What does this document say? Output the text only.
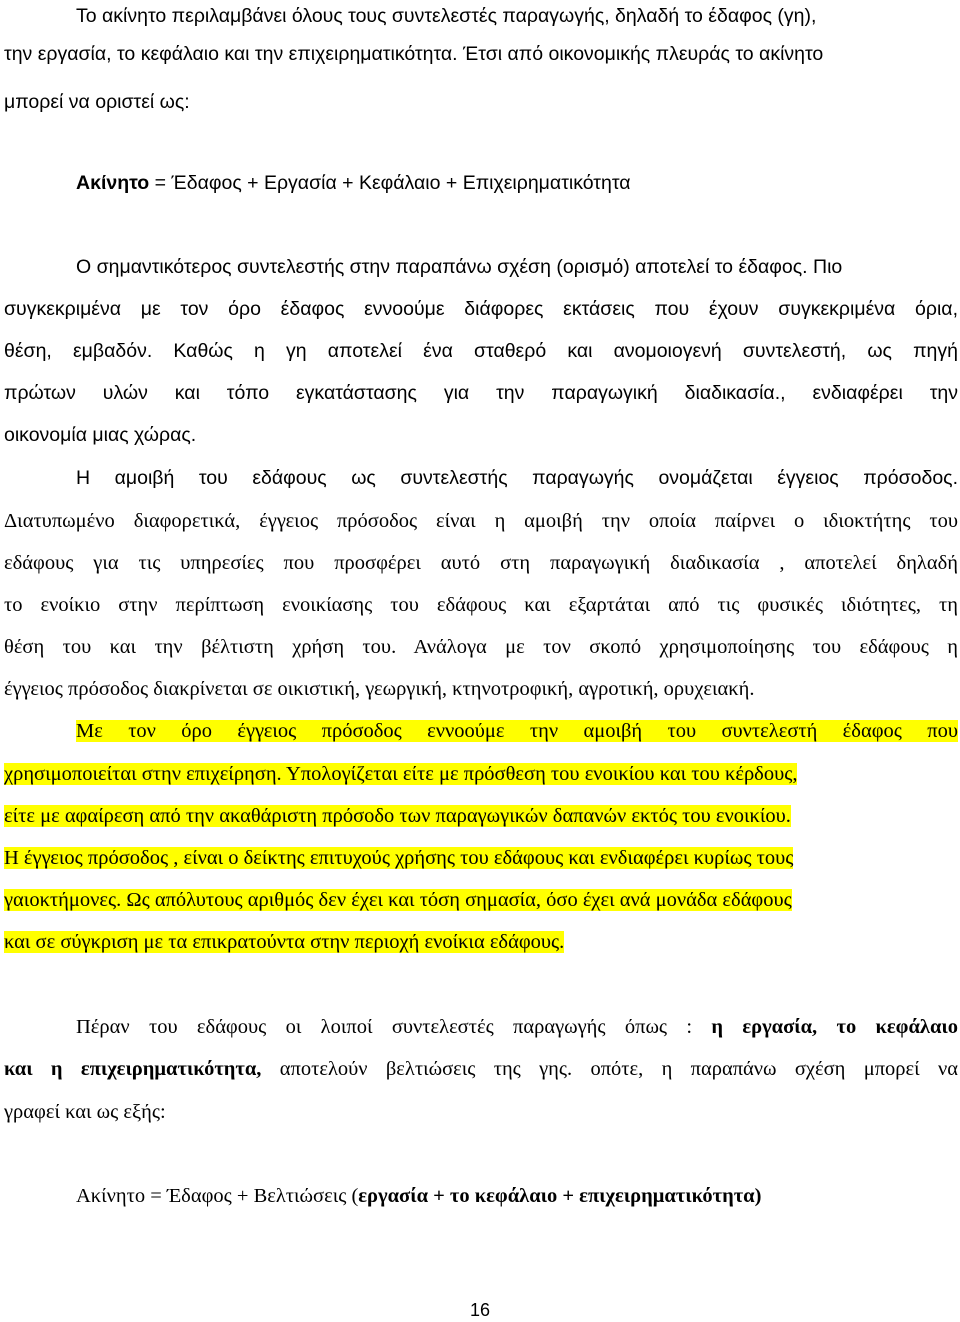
Το ακίνητο περιλαμβάνει όλους τους συντελεστές παραγωγής, δηλαδή το έδαφος (γη),

την εργασία, το κεφάλαιο και την επιχειρηματικότητα. Έτσι από οικονομικής πλευράς το ακίνητο

μπορεί να οριστεί ως:

Ακίνητο = Έδαφος + Εργασία + Κεφάλαιο + Επιχειρηματικότητα

Ο σημαντικότερος συντελεστής στην παραπάνω σχέση (ορισμό) αποτελεί το έδαφος. Πιο

συγκεκριμένα με τον όρο έδαφος εννοούμε διάφορες εκτάσεις που έχουν συγκεκριμένα όρια,

θέση, εμβαδόν. Καθώς η γη αποτελεί ένα σταθερό και ανομοιογενή συντελεστή, ως πηγή

πρώτων υλών και τόπο εγκατάστασης για την παραγωγική διαδικασία., ενδιαφέρει την

οικονομία μιας χώρας.

Η αμοιβή του εδάφους ως συντελεστής παραγωγής ονομάζεται έγγειος πρόσοδος.

Διατυπωμένο διαφορετικά, έγγειος πρόσοδος είναι η αμοιβή την οποία παίρνει ο ιδιοκτήτης του

εδάφους για τις υπηρεσίες που προσφέρει αυτό στη παραγωγική διαδικασία , αποτελεί δηλαδή

το ενοίκιο στην περίπτωση ενοικίασης του εδάφους και εξαρτάται από τις φυσικές ιδιότητες, τη

θέση του και την βέλτιστη χρήση του. Ανάλογα με τον σκοπό χρησιμοποίησης του εδάφους η

έγγειος πρόσοδος διακρίνεται σε οικιστική, γεωργική, κτηνοτροφική, αγροτική, ορυχειακή.

Με τον όρο έγγειος πρόσοδος εννοούμε την αμοιβή του συντελεστή έδαφος που

χρησιμοποιείται στην επιχείρηση. Υπολογίζεται είτε με πρόσθεση του ενοικίου και του κέρδους,

είτε με αφαίρεση από την ακαθάριστη πρόσοδο των παραγωγικών δαπανών εκτός του ενοικίου.

Η έγγειος πρόσοδος , είναι ο δείκτης επιτυχούς χρήσης του εδάφους και ενδιαφέρει κυρίως τους

γαιοκτήμονες. Ως απόλυτους αριθμός δεν έχει και τόση σημασία, όσο έχει ανά μονάδα εδάφους

και σε σύγκριση με τα επικρατούντα στην περιοχή ενοίκια εδάφους.

Πέραν του εδάφους οι λοιποί συντελεστές παραγωγής όπως : η εργασία, το κεφάλαιο

και η επιχειρηματικότητα, αποτελούν βελτιώσεις της γης. οπότε, η παραπάνω σχέση μπορεί να

γραφεί και ως εξής:

Ακίνητο = Έδαφος + Βελτιώσεις (εργασία + το κεφάλαιο + επιχειρηματικότητα)

16
